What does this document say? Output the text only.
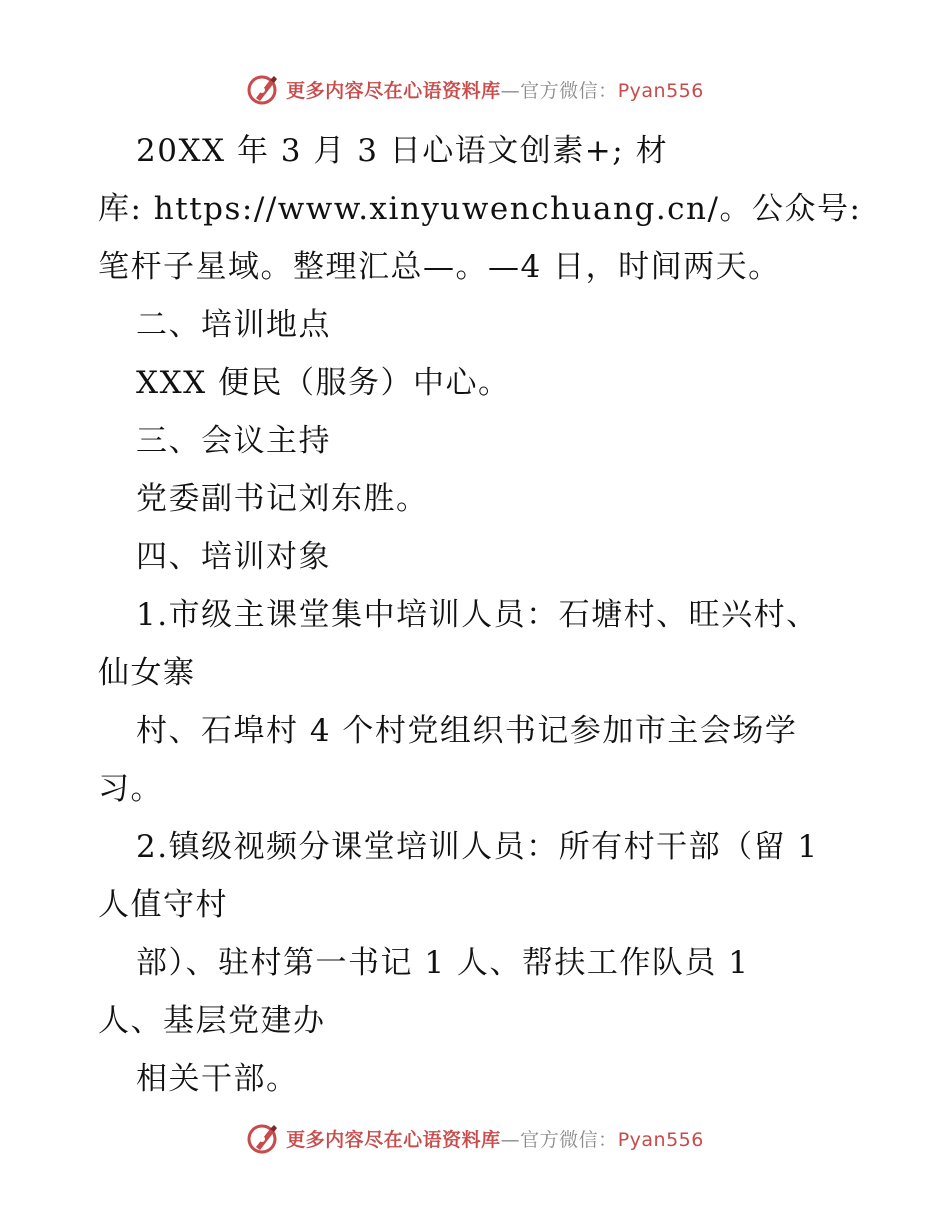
更多内容尽在心语资料库—官方微信：Pyan556
20XX 年 3 月 3 日心语文创素+; 材
库: https://www.xinyuwenchuang.cn/。公众号:
笔杆子星域。整理汇总—。—4 日，时间两天。
二、培训地点
XXX 便民（服务）中心。
三、会议主持
党委副书记刘东胜。
四、培训对象
1.市级主课堂集中培训人员：石塘村、旺兴村、
仙女寨
村、石埠村 4 个村党组织书记参加市主会场学
习。
2.镇级视频分课堂培训人员：所有村干部（留 1
人值守村
部）、驻村第一书记 1 人、帮扶工作队员 1
人、基层党建办
相关干部。
更多内容尽在心语资料库—官方微信：Pyan556
